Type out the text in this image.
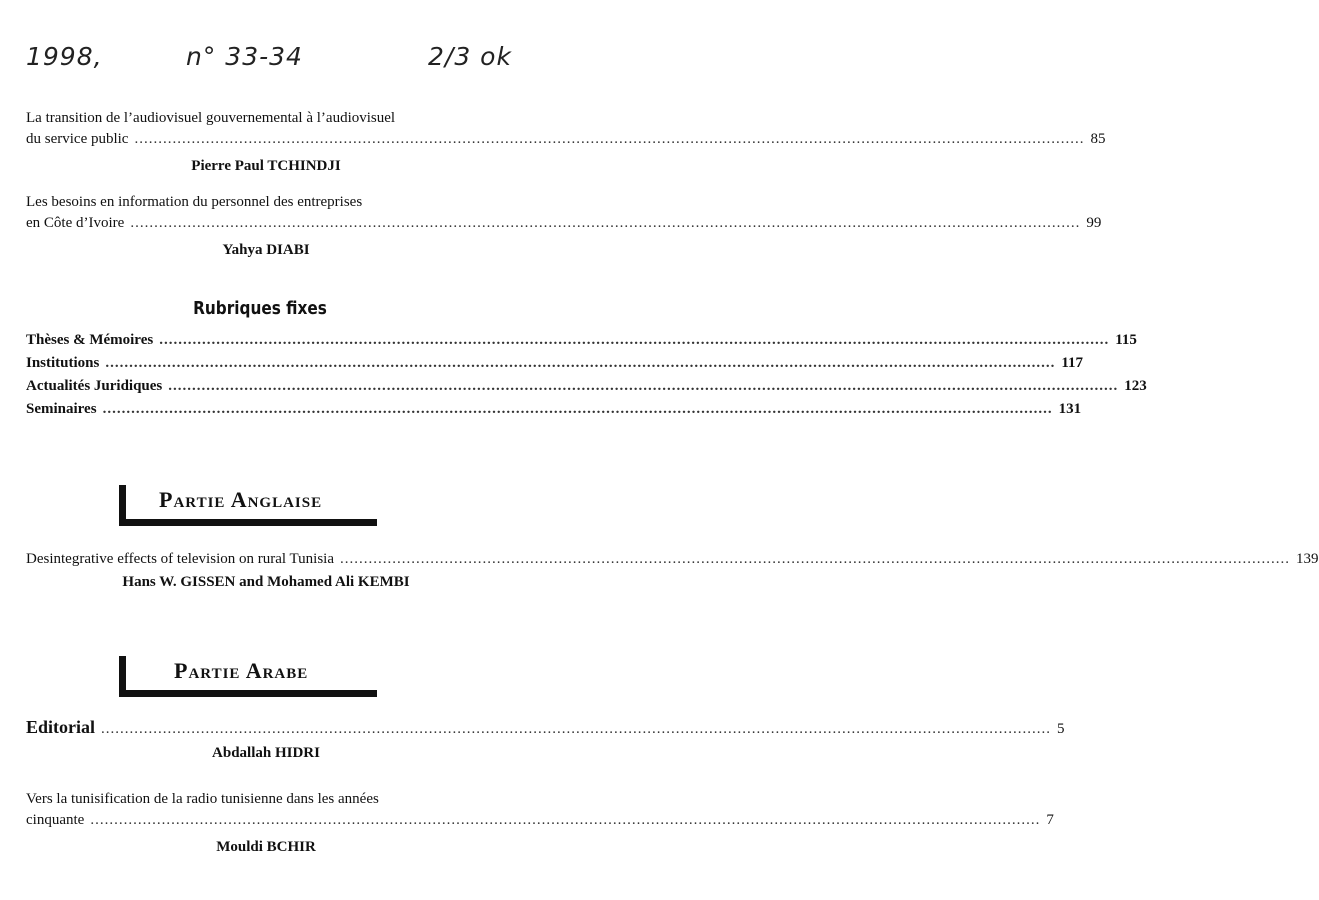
1998,	n° 33-34	2/3 ok
La transition de l’audiovisuel gouvernemental à l’audiovisuel
du service public ........................................................................................................................................................................................................ 85
Pierre Paul TCHINDJI
Les besoins en information du personnel des entreprises
en Côte d’Ivoire ........................................................................................................................................................................................................ 99
Yahya DIABI
Rubriques fixes
Thèses & Mémoires ........................................................................................................................................................................................................ 115
Institutions ........................................................................................................................................................................................................ 117
Actualités Juridiques ........................................................................................................................................................................................................ 123
Seminaires ........................................................................................................................................................................................................ 131
Partie Anglaise
Desintegrative effects of television on rural Tunisia ........................................................................................................................................................................................................ 139
Hans W. GISSEN and Mohamed Ali KEMBI
Partie Arabe
Editorial ........................................................................................................................................................................................................ 5
Abdallah HIDRI
Vers la tunisification de la radio tunisienne dans les années
cinquante ........................................................................................................................................................................................................ 7
Mouldi BCHIR
